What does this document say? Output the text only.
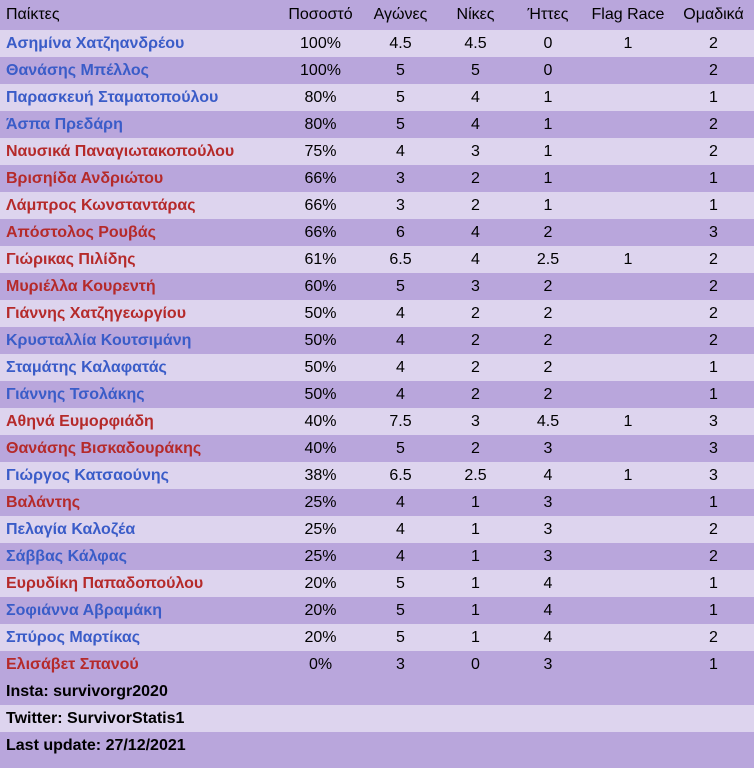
Παίκτες	Ποσοστό	Αγώνες	Νίκες	Ήττες	Flag Race	Ομαδικά
Ασημίνα Χατζηανδρέου	100%	4.5	4.5	0	1	2
Θανάσης Μπέλλος	100%	5	5	0		2
Παρασκευή Σταματοπούλου	80%	5	4	1		1
Άσπα Πρεδάρη	80%	5	4	1		2
Ναυσικά Παναγιωτακοπούλου	75%	4	3	1		2
Βρισηίδα Ανδριώτου	66%	3	2	1		1
Λάμπρος Κωνσταντάρας	66%	3	2	1		1
Απόστολος Ρουβάς	66%	6	4	2		3
Γιώρικας Πιλίδης	61%	6.5	4	2.5	1	2
Μυριέλλα Κουρεντή	60%	5	3	2		2
Γιάννης Χατζηγεωργίου	50%	4	2	2		2
Κρυσταλλία Κουτσιμάνη	50%	4	2	2		2
Σταμάτης Καλαφατάς	50%	4	2	2		1
Γιάννης Τσολάκης	50%	4	2	2		1
Αθηνά Ευμορφιάδη	40%	7.5	3	4.5	1	3
Θανάσης Βισκαδουράκης	40%	5	2	3		3
Γιώργος Κατσαούνης	38%	6.5	2.5	4	1	3
Βαλάντης	25%	4	1	3		1
Πελαγία Καλοζέα	25%	4	1	3		2
Σάββας Κάλφας	25%	4	1	3		2
Ευρυδίκη Παπαδοπούλου	20%	5	1	4		1
Σοφιάννα Αβραμάκη	20%	5	1	4		1
Σπύρος Μαρτίκας	20%	5	1	4		2
Ελισάβετ Σπανού	0%	3	0	3		1
Insta: survivorgr2020						
Twitter: SurvivorStatis1						
Last update: 27/12/2021						
